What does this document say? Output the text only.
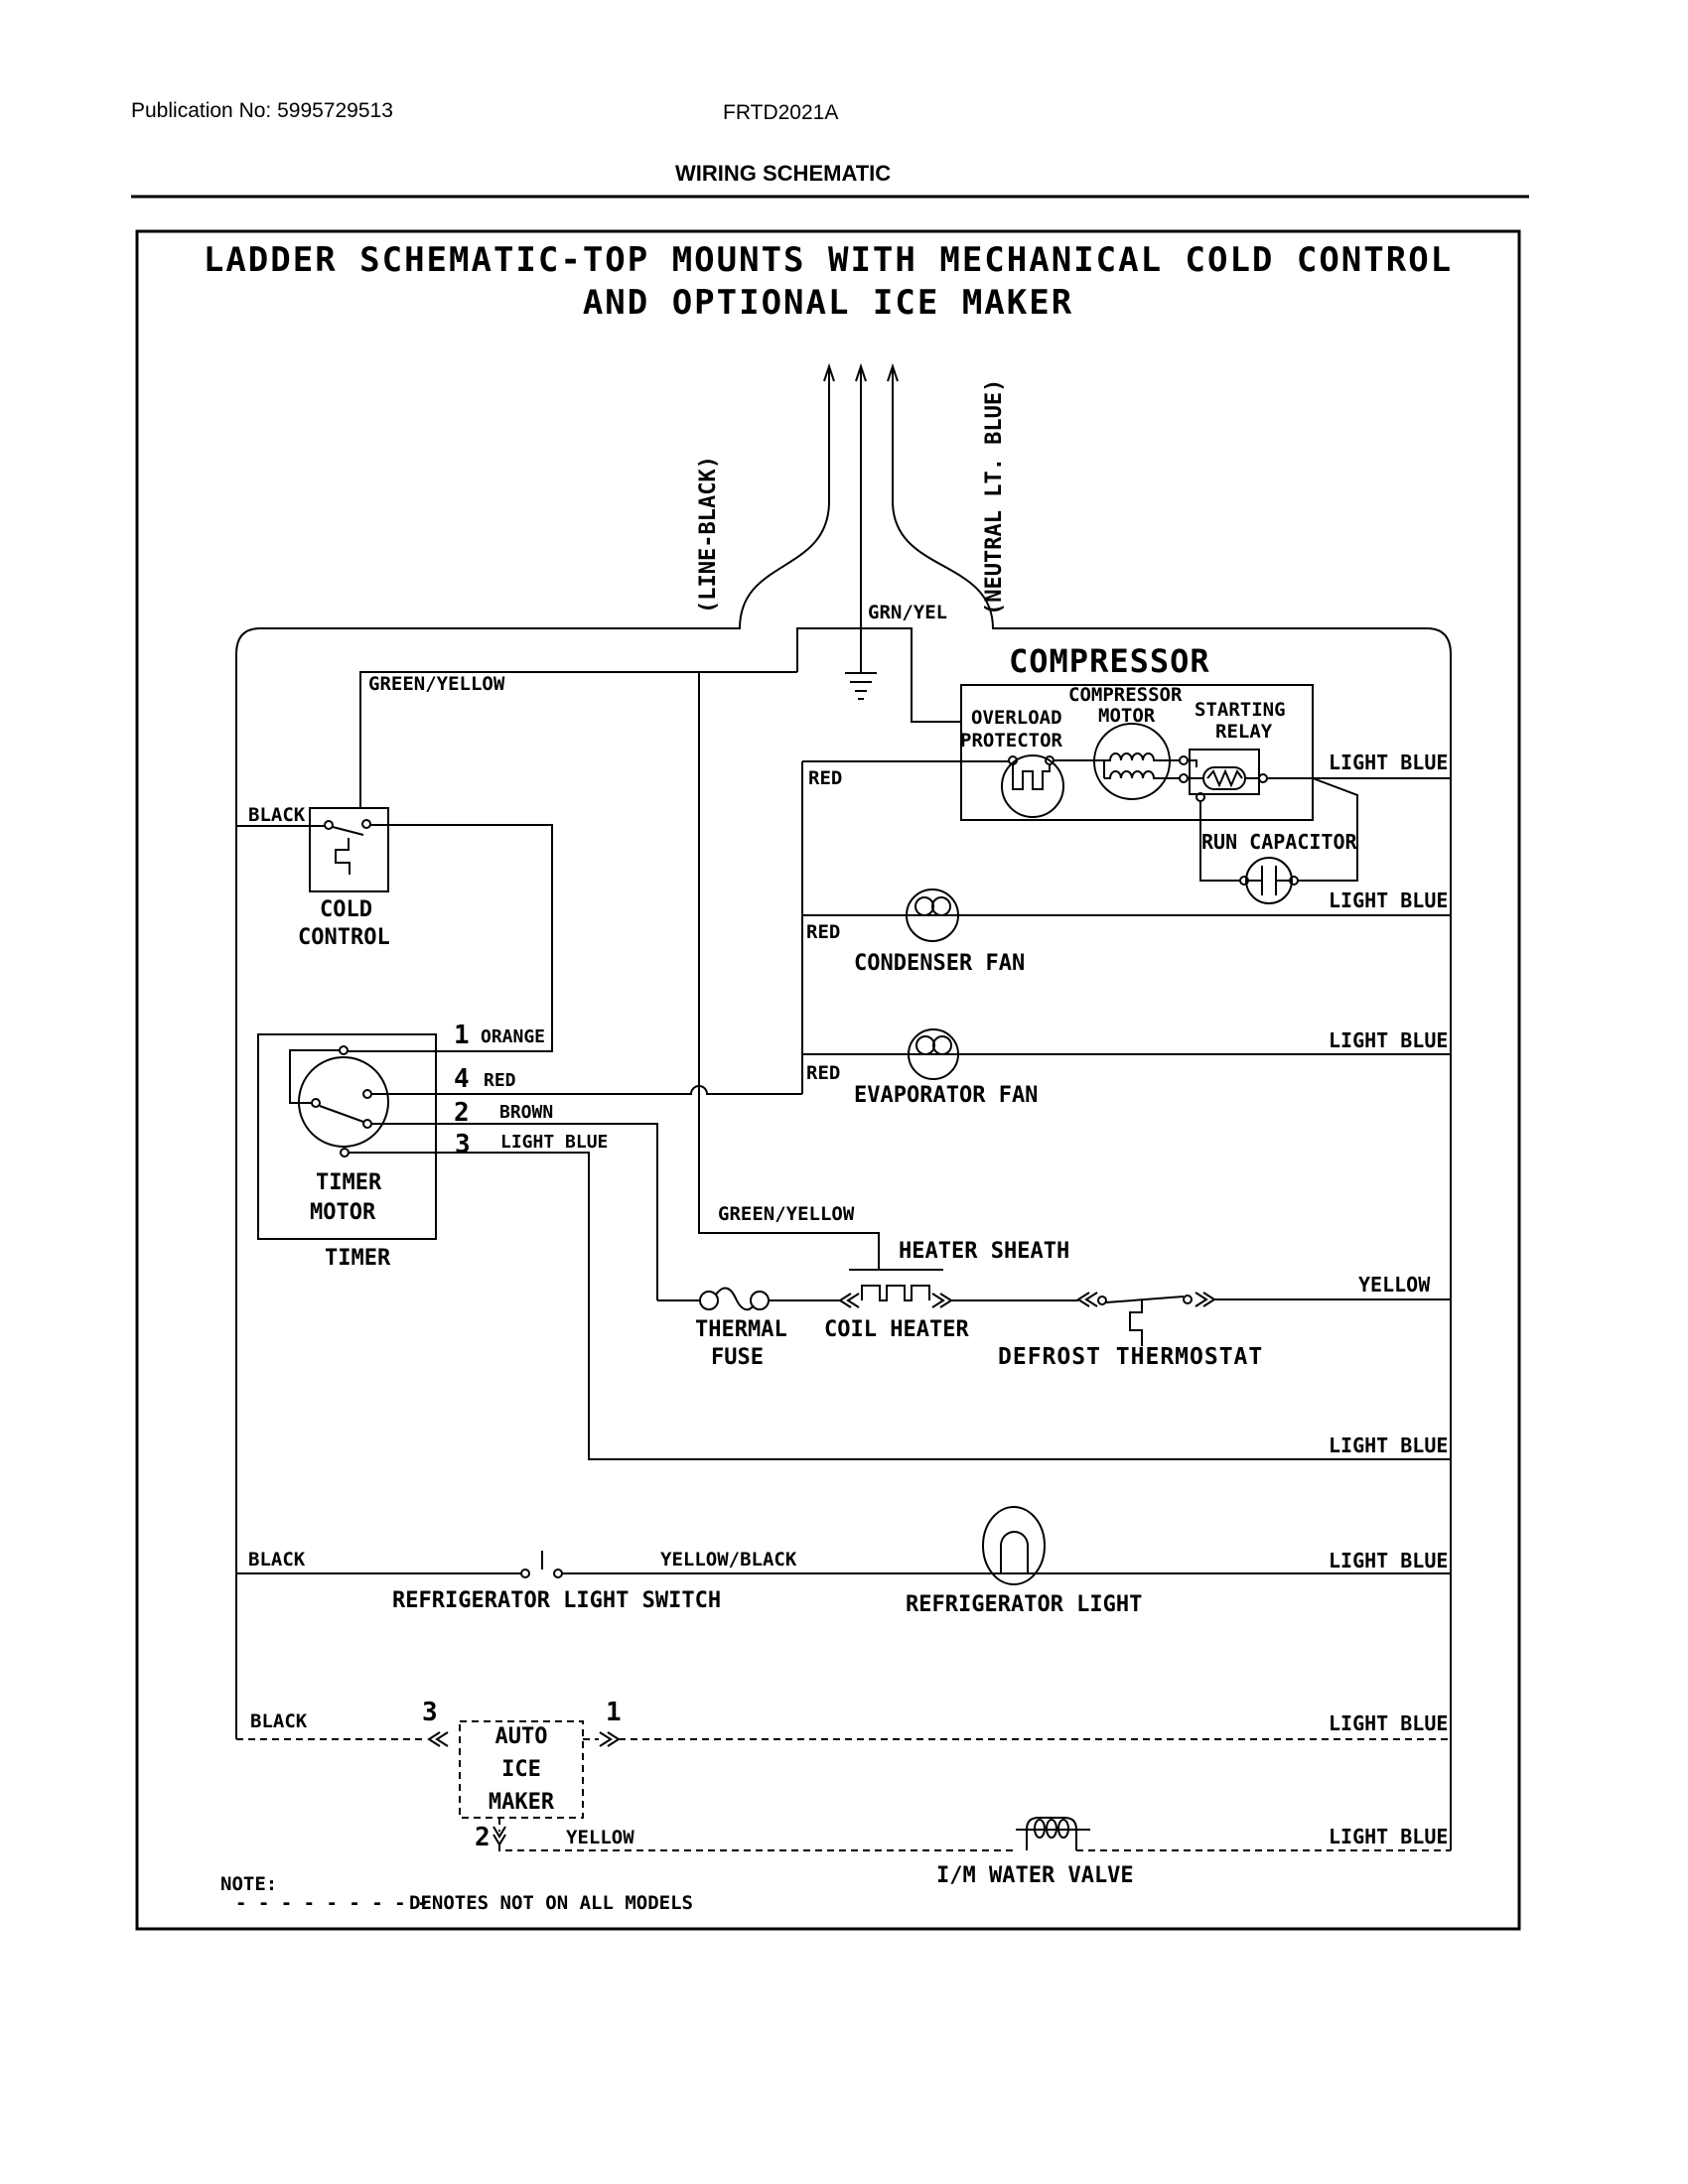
Publication No: 5995729513	FRTD2021A
WIRING SCHEMATIC
LADDER SCHEMATIC-TOP MOUNTS WITH MECHANICAL COLD CONTROL
AND OPTIONAL ICE MAKER
(LINE-BLACK)	(NEUTRAL LT. BLUE)
GRN/YEL
GREEN/YELLOW
COMPRESSOR
COMPRESSOR
MOTOR
OVERLOAD
PROTECTOR
STARTING
RELAY
RUN CAPACITOR
LIGHT BLUE
LIGHT BLUE
LIGHT BLUE
YELLOW
LIGHT BLUE
LIGHT BLUE
LIGHT BLUE
LIGHT BLUE
BLACK
COLD
CONTROL
RED
RED
CONDENSER FAN
RED
EVAPORATOR FAN
1 ORANGE
4 RED
2 BROWN
3 LIGHT BLUE
TIMER
MOTOR
TIMER
GREEN/YELLOW
HEATER SHEATH
THERMAL
FUSE
COIL HEATER
DEFROST THERMOSTAT
BLACK	YELLOW/BLACK
REFRIGERATOR LIGHT SWITCH	REFRIGERATOR LIGHT
BLACK	3
AUTO
ICE
MAKER
1
2	YELLOW
I/M WATER VALVE
NOTE:
- - - - - - - - -
DENOTES NOT ON ALL MODELS
